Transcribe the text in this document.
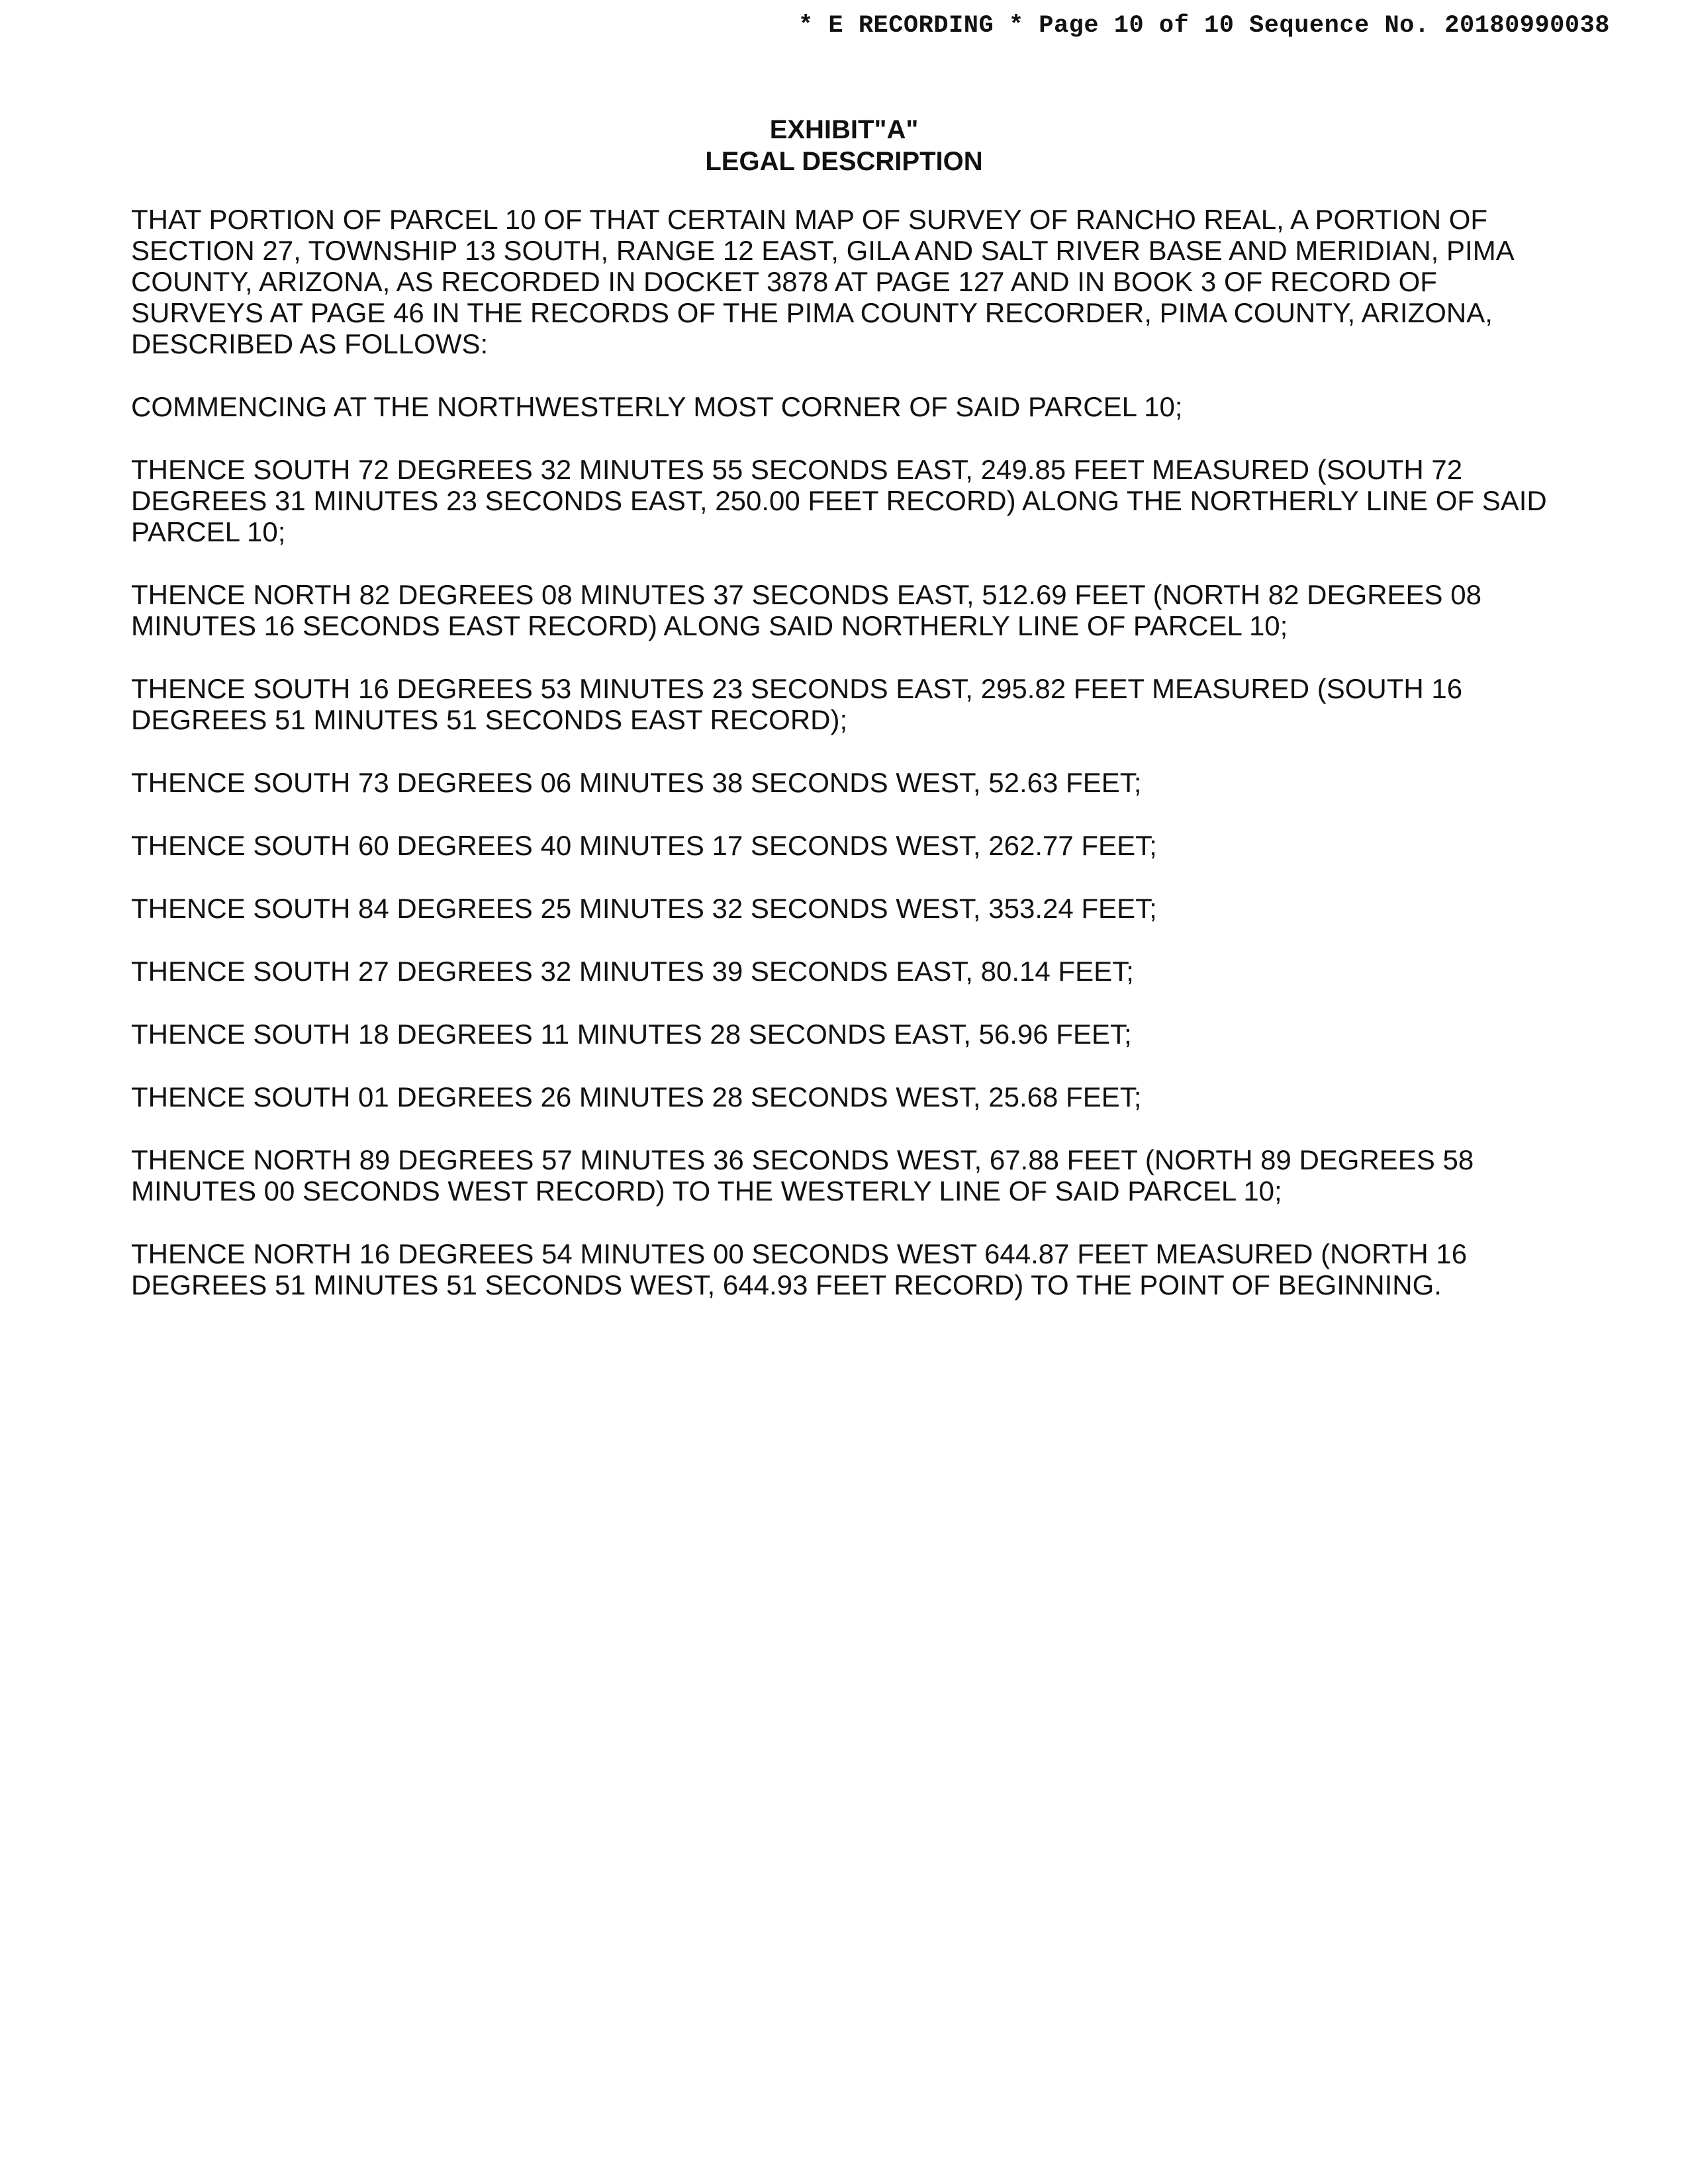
* E RECORDING * Page 10 of 10 Sequence No. 20180990038
EXHIBIT"A"
LEGAL DESCRIPTION

THAT PORTION OF PARCEL 10 OF THAT CERTAIN MAP OF SURVEY OF RANCHO REAL, A PORTION OF SECTION 27, TOWNSHIP 13 SOUTH, RANGE 12 EAST, GILA AND SALT RIVER BASE AND MERIDIAN, PIMA COUNTY, ARIZONA, AS RECORDED IN DOCKET 3878 AT PAGE 127 AND IN BOOK 3 OF RECORD OF SURVEYS AT PAGE 46 IN THE RECORDS OF THE PIMA COUNTY RECORDER, PIMA COUNTY, ARIZONA, DESCRIBED AS FOLLOWS:

COMMENCING AT THE NORTHWESTERLY MOST CORNER OF SAID PARCEL 10;

THENCE SOUTH 72 DEGREES 32 MINUTES 55 SECONDS EAST, 249.85 FEET MEASURED (SOUTH 72 DEGREES 31 MINUTES 23 SECONDS EAST, 250.00 FEET RECORD) ALONG THE NORTHERLY LINE OF SAID PARCEL 10;

THENCE NORTH 82 DEGREES 08 MINUTES 37 SECONDS EAST, 512.69 FEET (NORTH 82 DEGREES 08 MINUTES 16 SECONDS EAST RECORD) ALONG SAID NORTHERLY LINE OF PARCEL 10;

THENCE SOUTH 16 DEGREES 53 MINUTES 23 SECONDS EAST, 295.82 FEET MEASURED (SOUTH 16 DEGREES 51 MINUTES 51 SECONDS EAST RECORD);

THENCE SOUTH 73 DEGREES 06 MINUTES 38 SECONDS WEST, 52.63 FEET;

THENCE SOUTH 60 DEGREES 40 MINUTES 17 SECONDS WEST, 262.77 FEET;

THENCE SOUTH 84 DEGREES 25 MINUTES 32 SECONDS WEST, 353.24 FEET;

THENCE SOUTH 27 DEGREES 32 MINUTES 39 SECONDS EAST, 80.14 FEET;

THENCE SOUTH 18 DEGREES 11 MINUTES 28 SECONDS EAST, 56.96 FEET;

THENCE SOUTH 01 DEGREES 26 MINUTES 28 SECONDS WEST, 25.68 FEET;

THENCE NORTH 89 DEGREES 57 MINUTES 36 SECONDS WEST, 67.88 FEET (NORTH 89 DEGREES 58 MINUTES 00 SECONDS WEST RECORD) TO THE WESTERLY LINE OF SAID PARCEL 10;

THENCE NORTH 16 DEGREES 54 MINUTES 00 SECONDS WEST 644.87 FEET MEASURED (NORTH 16 DEGREES 51 MINUTES 51 SECONDS WEST, 644.93 FEET RECORD) TO THE POINT OF BEGINNING.
